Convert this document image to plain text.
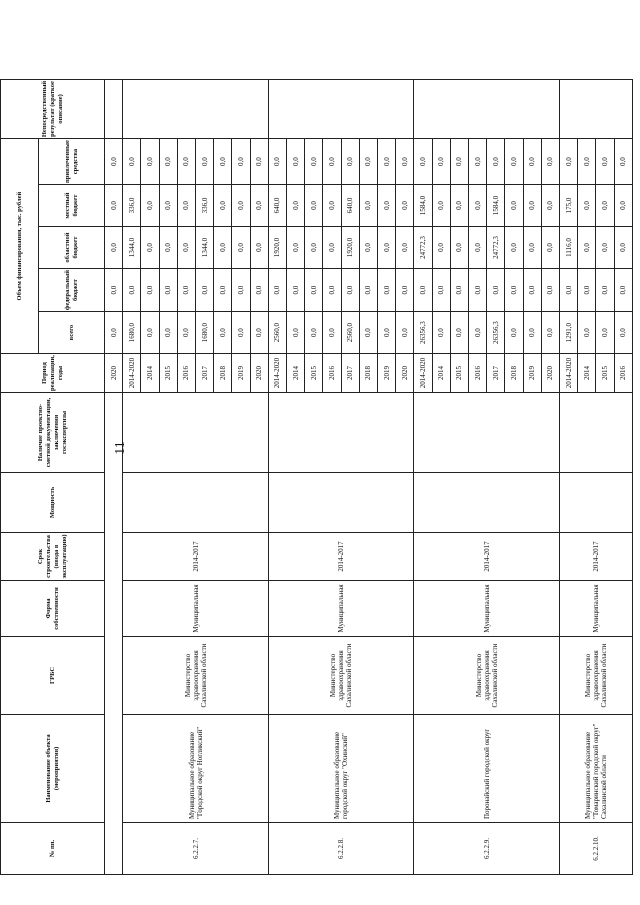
11
№ пп.	Наименование объекта (мероприятия)	ГРБС	Форма собственности	Срок строительства (ввода в эксплуатацию)	Мощность	Наличие проектно-сметной документации, заключения госэкспертизы	Период реализации, годы	Объем финансирования, тыс. рублей					Непосредственный результат (краткое описание)
								всего	федеральный бюджет	областной бюджет	местный бюджет	привлеченные средства	
							2020	0,0	0,0	0,0	0,0	0,0	
6.2.2.7.	Муниципальное образование "Городской округ Ногликский"	Министерство здравоохранения Сахалинской области	Муниципальная	2014-2017			2014-2020	1680,0	0,0	1344,0	336,0	0,0	
							2014	0,0	0,0	0,0	0,0	0,0	
							2015	0,0	0,0	0,0	0,0	0,0	
							2016	0,0	0,0	0,0	0,0	0,0	
							2017	1680,0	0,0	1344,0	336,0	0,0	
							2018	0,0	0,0	0,0	0,0	0,0	
							2019	0,0	0,0	0,0	0,0	0,0	
							2020	0,0	0,0	0,0	0,0	0,0	
6.2.2.8.	Муниципальное образование городской округ "Охинский"	Министерство здравоохранения Сахалинской области	Муниципальная	2014-2017			2014-2020	2560,0	0,0	1920,0	640,0	0,0	
							2014	0,0	0,0	0,0	0,0	0,0	
							2015	0,0	0,0	0,0	0,0	0,0	
							2016	0,0	0,0	0,0	0,0	0,0	
							2017	2560,0	0,0	1920,0	640,0	0,0	
							2018	0,0	0,0	0,0	0,0	0,0	
							2019	0,0	0,0	0,0	0,0	0,0	
							2020	0,0	0,0	0,0	0,0	0,0	
6.2.2.9.	Поронайский городской округ	Министерство здравоохранения Сахалинской области	Муниципальная	2014-2017			2014-2020	26356,3	0,0	24772,3	1584,0	0,0	
							2014	0,0	0,0	0,0	0,0	0,0	
							2015	0,0	0,0	0,0	0,0	0,0	
							2016	0,0	0,0	0,0	0,0	0,0	
							2017	26356,3	0,0	24772,3	1584,0	0,0	
							2018	0,0	0,0	0,0	0,0	0,0	
							2019	0,0	0,0	0,0	0,0	0,0	
							2020	0,0	0,0	0,0	0,0	0,0	
6.2.2.10.	Муниципальное образование "Томаринский городской округ" Сахалинской области	Министерство здравоохранения Сахалинской области	Муниципальная	2014-2017			2014-2020	1291,0	0,0	1116,0	175,0	0,0	
							2014	0,0	0,0	0,0	0,0	0,0	
							2015	0,0	0,0	0,0	0,0	0,0	
							2016	0,0	0,0	0,0	0,0	0,0	
